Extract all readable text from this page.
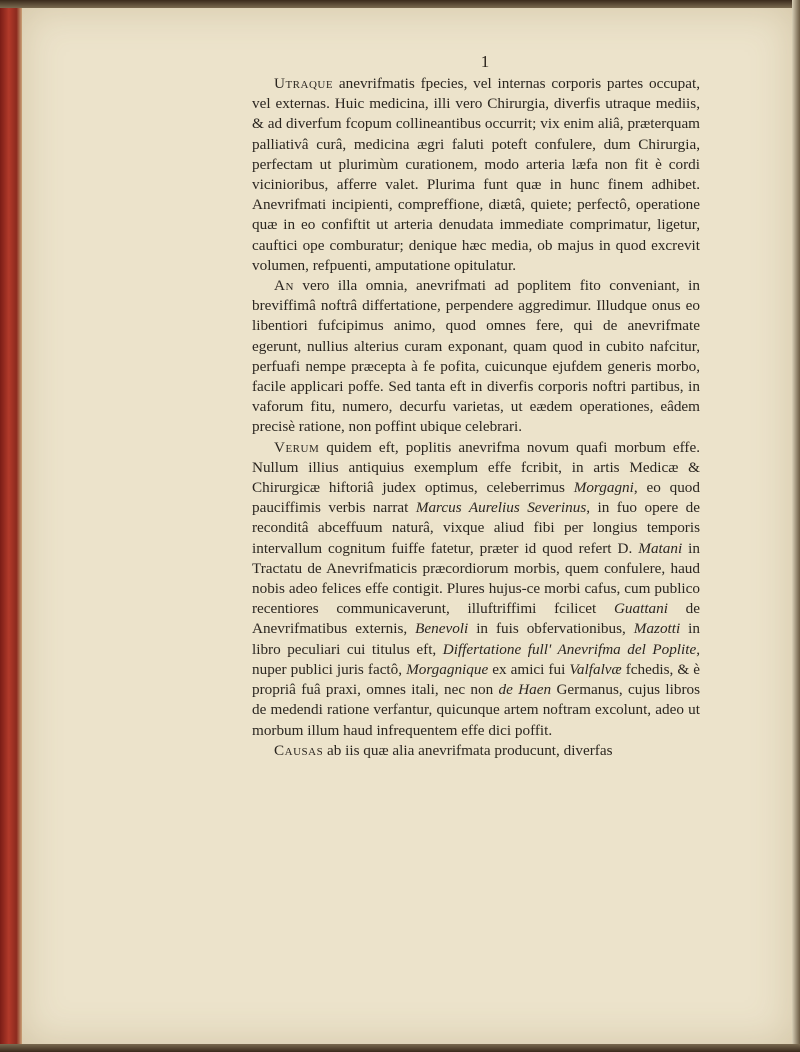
1

Utraque anevrifmatis fpecies, vel internas corporis partes occupat, vel externas. Huic medicina, illi vero Chirurgia, diverfis utraque mediis, & ad diverfum fcopum collineantibus occurrit; vix enim aliâ, præterquam palliativâ curâ, medicina ægri faluti poteft confulere, dum Chirurgia, perfectam ut plurimùm curationem, modo arteria læfa non fit è cordi vicinioribus, afferre valet. Plurima funt quæ in hunc finem adhibet. Anevrifmati incipienti, compreffione, diætâ, quiete; perfectô, operatione quæ in eo confiftit ut arteria denudata immediate comprimatur, ligetur, cauftici ope comburatur; denique hæc media, ob majus in quod excrevit volumen, refpuenti, amputatione opitulatur.

An vero illa omnia, anevrifmati ad poplitem fito conveniant, in breviffimâ noftrâ differtatione, perpendere aggredimur. Illudque onus eo libentiori fufcipimus animo, quod omnes fere, qui de anevrifmate egerunt, nullius alterius curam exponant, quam quod in cubito nafcitur, perfuafi nempe præcepta à fe pofita, cuicunque ejufdem generis morbo, facile applicari poffe. Sed tanta eft in diverfis corporis noftri partibus, in vaforum fitu, numero, decurfu varietas, ut eædem operationes, eâdem precisè ratione, non poffint ubique celebrari.

Verum quidem eft, poplitis anevrifma novum quafi morbum effe. Nullum illius antiquius exemplum effe fcribit, in artis Medicæ & Chirurgicæ hiftoriâ judex optimus, celeberrimus Morgagni, eo quod pauciffimis verbis narrat Marcus Aurelius Severinus, in fuo opere de reconditâ abceffuum naturâ, vixque aliud fibi per longius temporis intervallum cognitum fuiffe fatetur, præter id quod refert D. Matani in Tractatu de Anevrifmaticis præcordiorum morbis, quem confulere, haud nobis adeo felices effe contigit. Plures hujus-ce morbi cafus, cum publico recentiores communicaverunt, illuftriffimi fcilicet Guattani de Anevrifmatibus externis, Benevoli in fuis obfervationibus, Mazotti in libro peculiari cui titulus eft, Differtatione full' Anevrifma del Poplite, nuper publici juris factô, Morgagnique ex amici fui Valfalvæ fchedis, & è propriâ fuâ praxi, omnes itali, nec non de Haen Germanus, cujus libros de medendi ratione verfantur, quicunque artem noftram excolunt, adeo ut morbum illum haud infrequentem effe dici poffit.

Causas ab iis quæ alia anevrifmata producunt, diverfas
